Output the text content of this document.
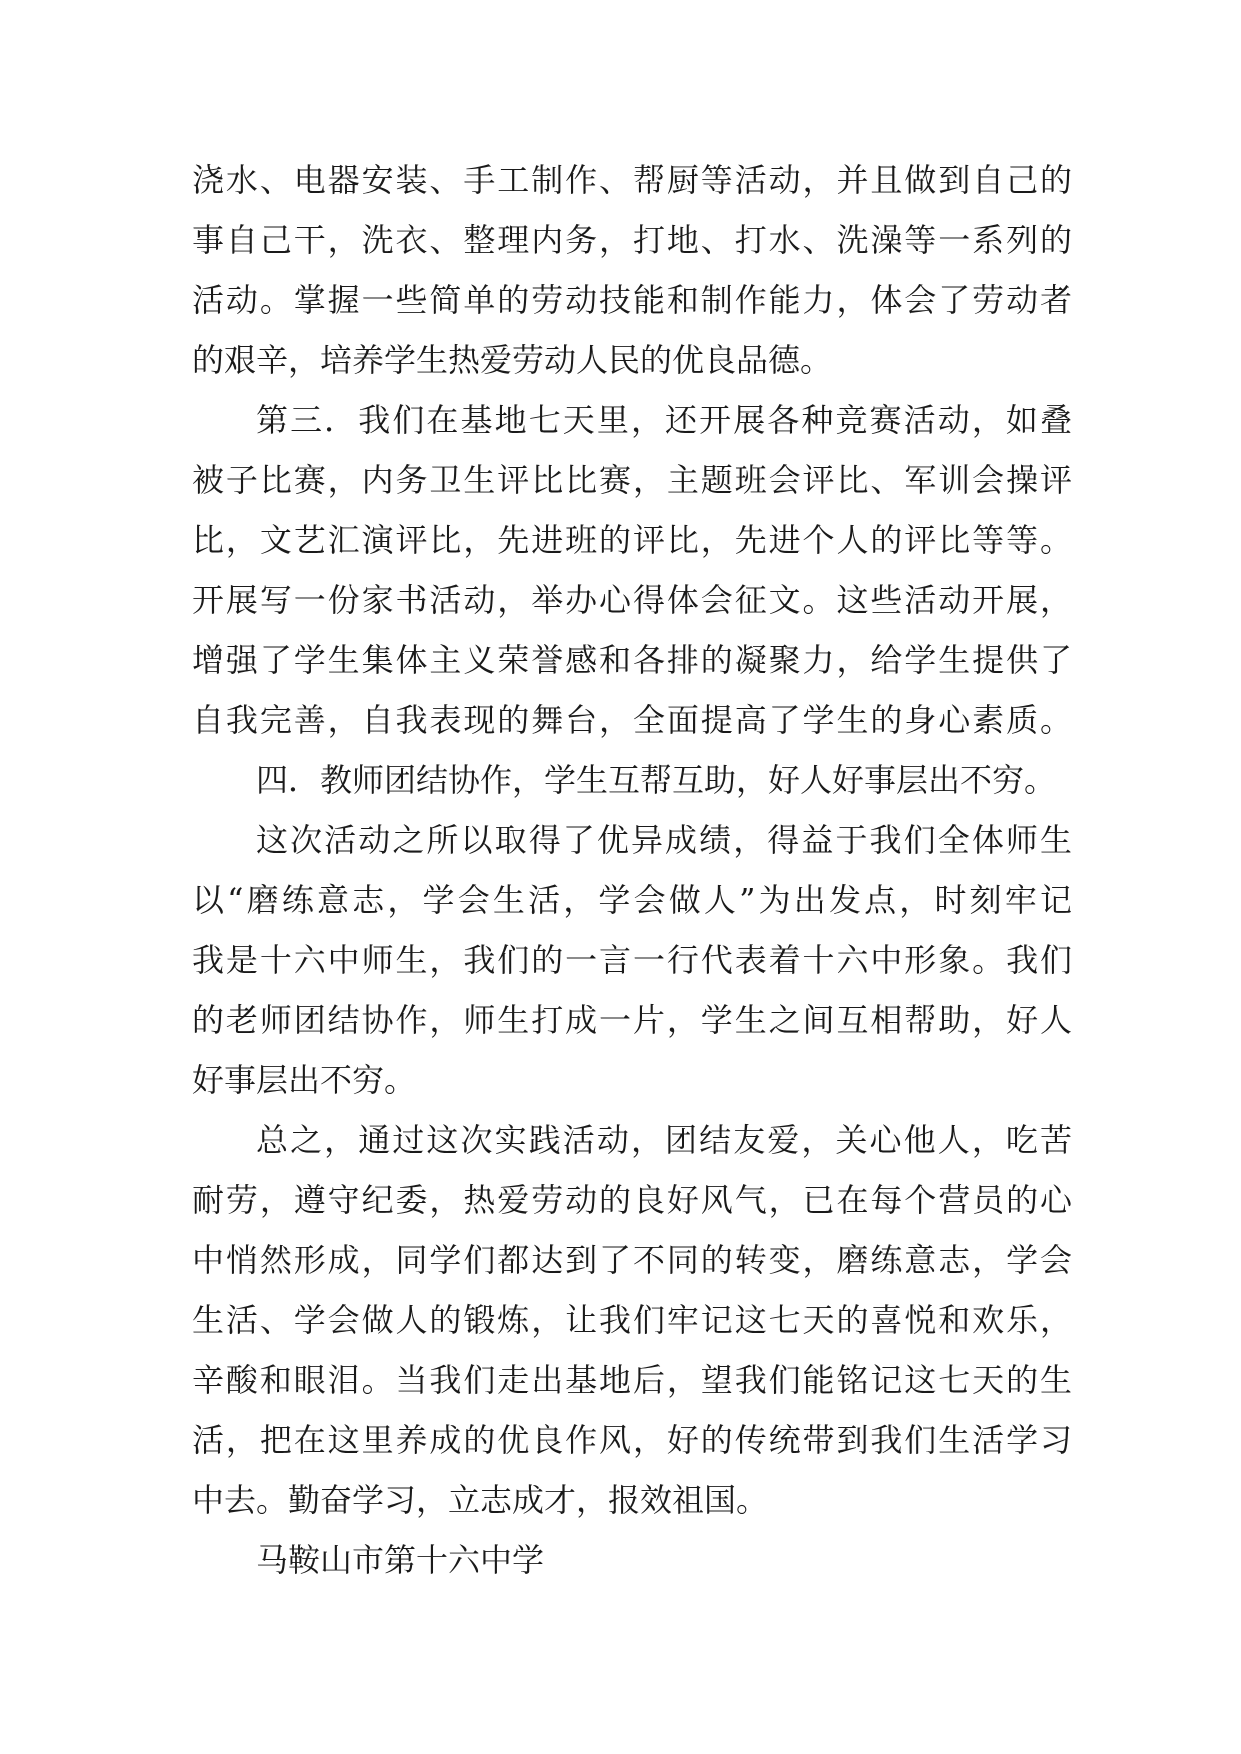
浇水、电器安装、手工制作、帮厨等活动，并且做到自己的
事自己干，洗衣、整理内务，打地、打水、洗澡等一系列的
活动。掌握一些简单的劳动技能和制作能力，体会了劳动者
的艰辛，培养学生热爱劳动人民的优良品德。
第三．我们在基地七天里，还开展各种竞赛活动，如叠
被子比赛，内务卫生评比比赛，主题班会评比、军训会操评
比，文艺汇演评比，先进班的评比，先进个人的评比等等。
开展写一份家书活动，举办心得体会征文。这些活动开展，
增强了学生集体主义荣誉感和各排的凝聚力，给学生提供了
自我完善，自我表现的舞台，全面提高了学生的身心素质。
四．教师团结协作，学生互帮互助，好人好事层出不穷。
这次活动之所以取得了优异成绩，得益于我们全体师生
以“磨练意志，学会生活，学会做人”为出发点，时刻牢记
我是十六中师生，我们的一言一行代表着十六中形象。我们
的老师团结协作，师生打成一片，学生之间互相帮助，好人
好事层出不穷。
总之，通过这次实践活动，团结友爱，关心他人，吃苦
耐劳，遵守纪委，热爱劳动的良好风气，已在每个营员的心
中悄然形成，同学们都达到了不同的转变，磨练意志，学会
生活、学会做人的锻炼，让我们牢记这七天的喜悦和欢乐，
辛酸和眼泪。当我们走出基地后，望我们能铭记这七天的生
活，把在这里养成的优良作风，好的传统带到我们生活学习
中去。勤奋学习，立志成才，报效祖国。
马鞍山市第十六中学
